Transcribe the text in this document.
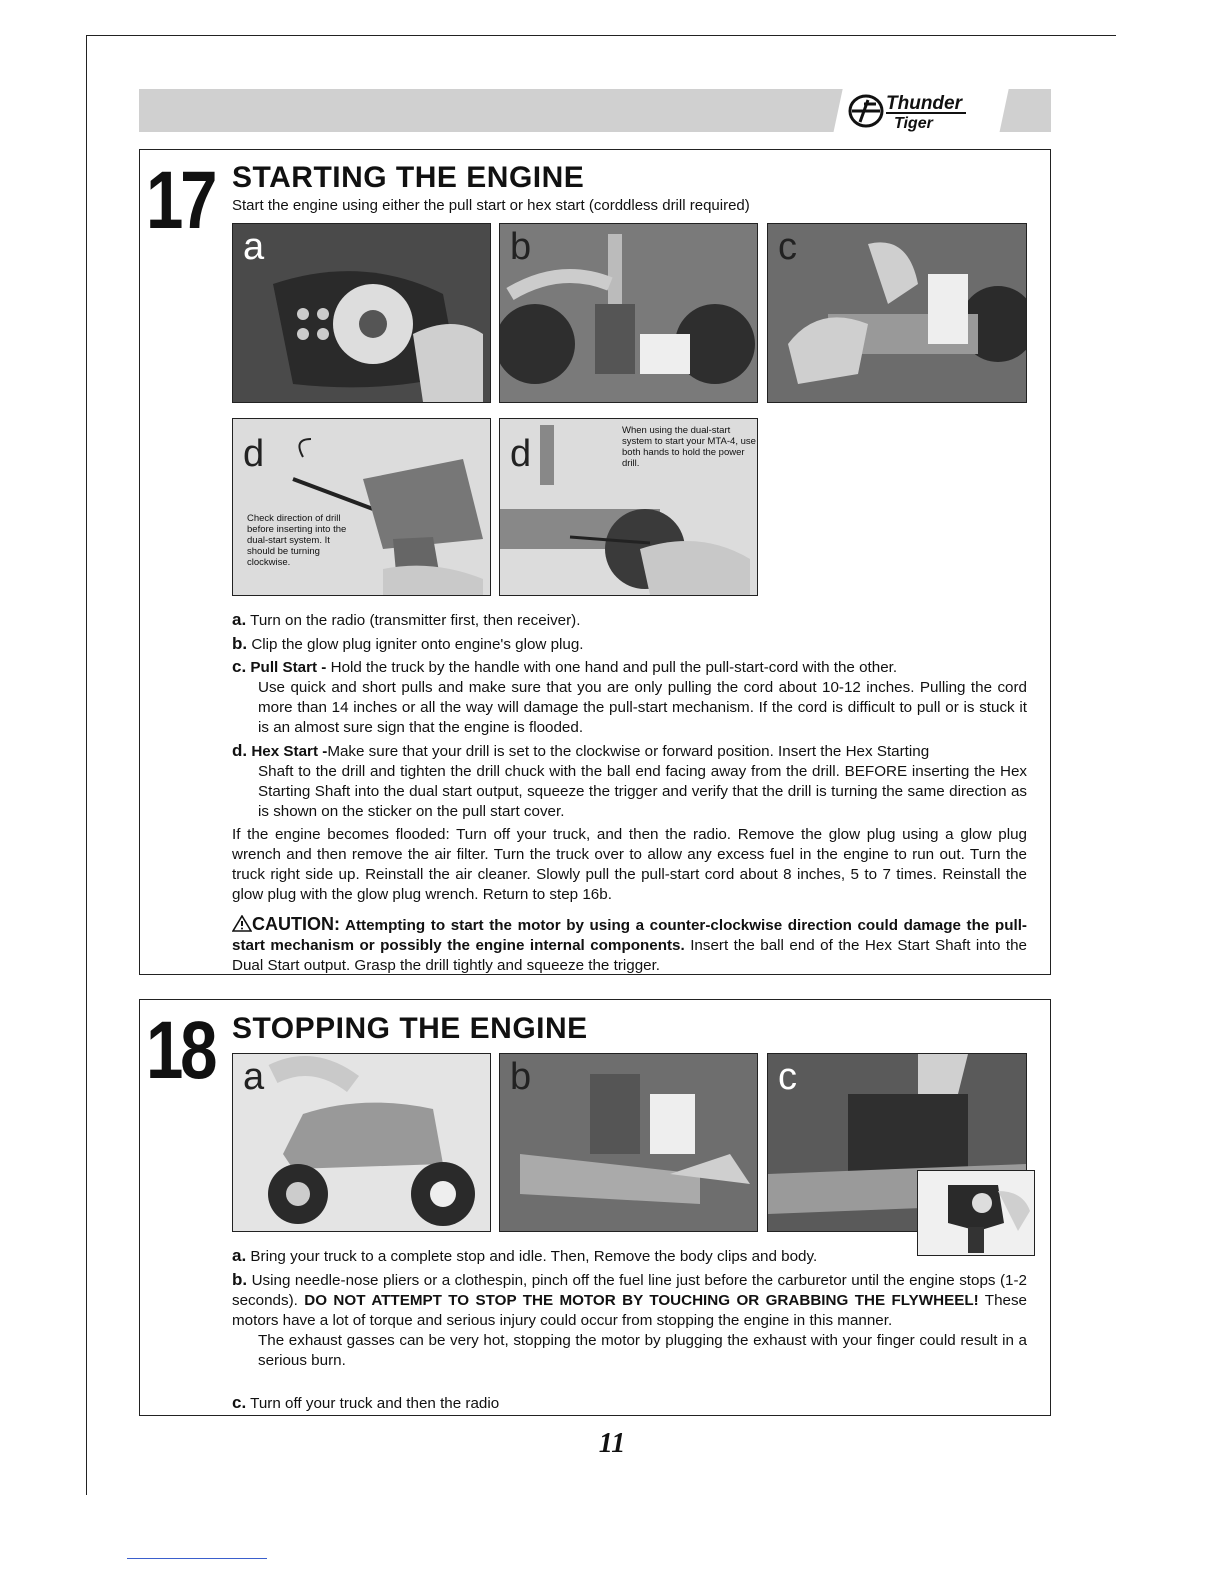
Thunder
Tiger
17 STARTING THE ENGINE
Start the engine using either the pull start or hex start (corddless drill required)
a	b	c
d
Check direction of drill before inserting into the dual-start system. It should be turning clockwise.
d
When using the dual-start system to start your MTA-4, use both hands to hold the power drill.
a. Turn on the radio (transmitter first, then receiver).
b. Clip the glow plug igniter onto engine's glow plug.
c. Pull Start - Hold the truck by the handle with one hand and pull the pull-start-cord with the other.
Use quick and short pulls and make sure that you are only pulling the cord about 10-12 inches. Pulling the cord more than 14 inches or all the way will damage the pull-start mechanism. If the cord is difficult to pull or is stuck it is an almost sure sign that the engine is flooded.
d. Hex Start -Make sure that your drill is set to the clockwise or forward position. Insert the Hex Starting
Shaft to the drill and tighten the drill chuck with the ball end facing away from the drill. BEFORE inserting the Hex Starting Shaft into the dual start output, squeeze the trigger and verify that the drill is turning the same direction as is shown on the sticker on the pull start cover.
If the engine becomes flooded: Turn off your truck, and then the radio. Remove the glow plug using a glow plug wrench and then remove the air filter. Turn the truck over to allow any excess fuel in the engine to run out. Turn the truck right side up. Reinstall the air cleaner. Slowly pull the pull-start cord about 8 inches, 5 to 7 times. Reinstall the glow plug with the glow plug wrench. Return to step 16b.
CAUTION: Attempting to start the motor by using a counter-clockwise direction could damage the pull-start mechanism or possibly the engine internal components. Insert the ball end of the Hex Start Shaft into the Dual Start output. Grasp the drill tightly and squeeze the trigger.
18 STOPPING THE ENGINE
a	b	c
a. Bring your truck to a complete stop and idle. Then, Remove the body clips and body.
b. Using needle-nose pliers or a clothespin, pinch off the fuel line just before the carburetor until the engine stops (1-2 seconds). DO NOT ATTEMPT TO STOP THE MOTOR BY TOUCHING OR GRABBING THE FLYWHEEL! These motors have a lot of torque and serious injury could occur from stopping the engine in this manner.
The exhaust gasses can be very hot, stopping the motor by plugging the exhaust with your finger could result in a serious burn.
c. Turn off your truck and then the radio
11
